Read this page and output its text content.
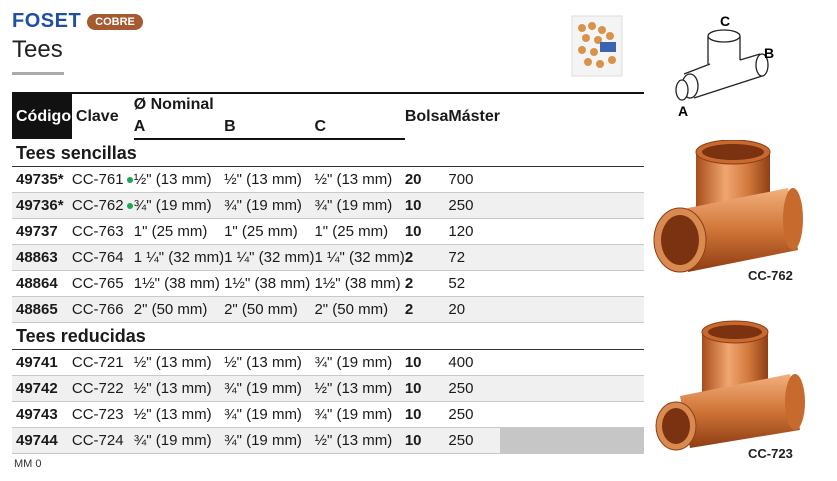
FOSET	COBRE
Tees
Código	Clave	Ø Nominal			Bolsa	Máster	
		A	B	C			
Tees sencillas							
49735*	CC-761	½" (13 mm)	½" (13 mm)	½" (13 mm)	20	700	
49736*	CC-762	¾" (19 mm)	¾" (19 mm)	¾" (19 mm)	10	250	
49737	CC-763	1" (25 mm)	1" (25 mm)	1" (25 mm)	10	120	
48863	CC-764	1 ¼" (32 mm)	1 ¼" (32 mm)	1 ¼" (32 mm)	2	72	
48864	CC-765	1½" (38 mm)	1½" (38 mm)	1½" (38 mm)	2	52	
48865	CC-766	2" (50 mm)	2" (50 mm)	2" (50 mm)	2	20	
Tees reducidas							
49741	CC-721	½" (13 mm)	½" (13 mm)	¾" (19 mm)	10	400	
49742	CC-722	½" (13 mm)	¾" (19 mm)	½" (13 mm)	10	250	
49743	CC-723	½" (13 mm)	¾" (19 mm)	¾" (19 mm)	10	250	
49744	CC-724	¾" (19 mm)	¾" (19 mm)	½" (13 mm)	10	250	
MM 0
C
B
A
CC-762
CC-723
